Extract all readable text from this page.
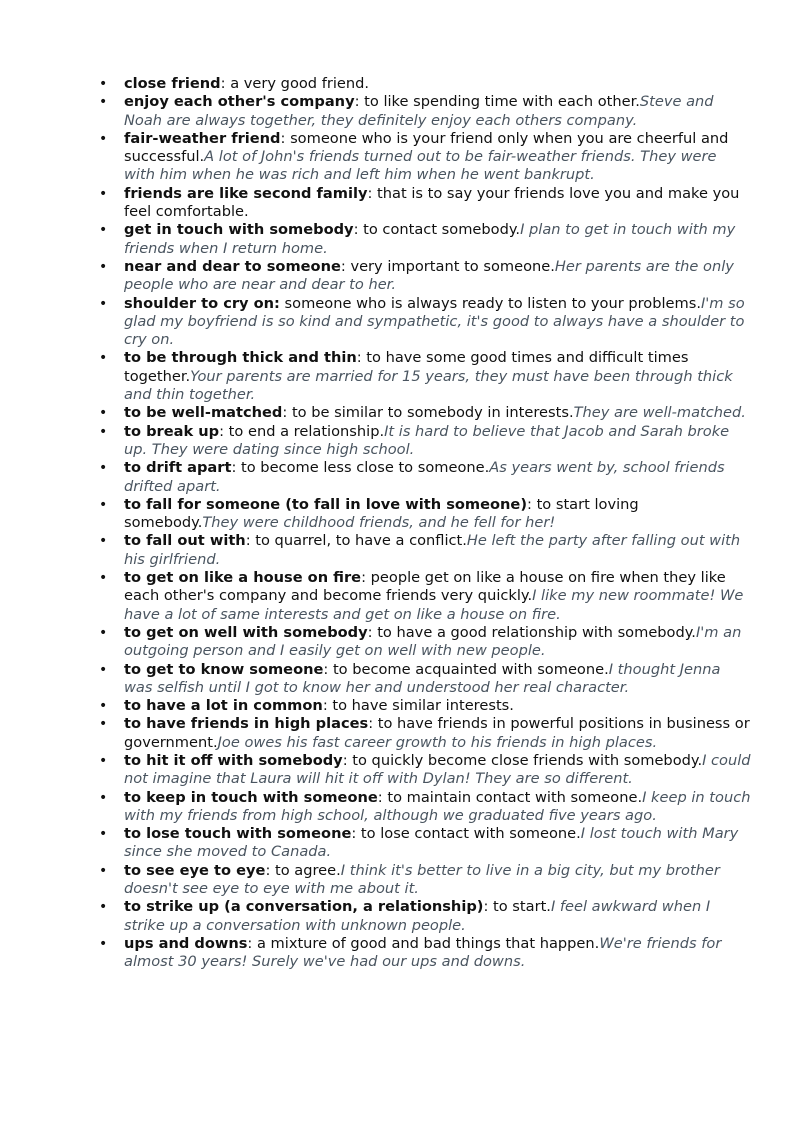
• close friend: a very good friend.
• enjoy each other's company: to like spending time with each other.Steve and Noah are always together, they definitely enjoy each others company.
• fair-weather friend: someone who is your friend only when you are cheerful and successful.A lot of John's friends turned out to be fair-weather friends. They were with him when he was rich and left him when he went bankrupt.
• friends are like second family: that is to say your friends love you and make you feel comfortable.
• get in touch with somebody: to contact somebody.I plan to get in touch with my friends when I return home.
• near and dear to someone: very important to someone.Her parents are the only people who are near and dear to her.
• shoulder to cry on: someone who is always ready to listen to your problems.I'm so glad my boyfriend is so kind and sympathetic, it's good to always have a shoulder to cry on.
• to be through thick and thin: to have some good times and difficult times together.Your parents are married for 15 years, they must have been through thick and thin together.
• to be well-matched: to be similar to somebody in interests.They are well-matched.
• to break up: to end a relationship.It is hard to believe that Jacob and Sarah broke up. They were dating since high school.
• to drift apart: to become less close to someone.As years went by, school friends drifted apart.
• to fall for someone (to fall in love with someone): to start loving somebody.They were childhood friends, and he fell for her!
• to fall out with: to quarrel, to have a conflict.He left the party after falling out with his girlfriend.
• to get on like a house on fire: people get on like a house on fire when they like each other's company and become friends very quickly.I like my new roommate! We have a lot of same interests and get on like a house on fire.
• to get on well with somebody: to have a good relationship with somebody.I'm an outgoing person and I easily get on well with new people.
• to get to know someone: to become acquainted with someone.I thought Jenna was selfish until I got to know her and understood her real character.
• to have a lot in common: to have similar interests.
• to have friends in high places: to have friends in powerful positions in business or government.Joe owes his fast career growth to his friends in high places.
• to hit it off with somebody: to quickly become close friends with somebody.I could not imagine that Laura will hit it off with Dylan! They are so different.
• to keep in touch with someone: to maintain contact with someone.I keep in touch with my friends from high school, although we graduated five years ago.
• to lose touch with someone: to lose contact with someone.I lost touch with Mary since she moved to Canada.
• to see eye to eye: to agree.I think it's better to live in a big city, but my brother doesn't see eye to eye with me about it.
• to strike up (a conversation, a relationship): to start.I feel awkward when I strike up a conversation with unknown people.
• ups and downs: a mixture of good and bad things that happen.We're friends for almost 30 years! Surely we've had our ups and downs.
